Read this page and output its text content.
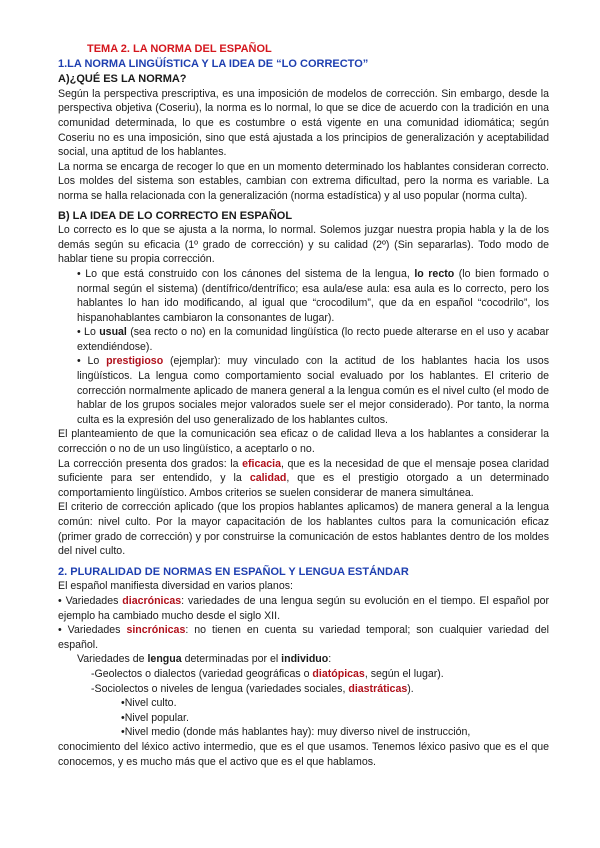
TEMA 2. LA NORMA DEL ESPAÑOL

1.LA NORMA LINGÜÍSTICA Y LA IDEA DE “LO CORRECTO”

A)¿QUÉ ES LA NORMA?

Según la perspectiva prescriptiva, es una imposición de modelos de corrección. Sin embargo, desde la perspectiva objetiva (Coseriu), la norma es lo normal, lo que se dice de acuerdo con la tradición en una comunidad determinada, lo que es costumbre o está vigente en una comunidad idiomática; según Coseriu no es una imposición, sino que está ajustada a los principios de generalización y aceptabilidad social, una aptitud de los hablantes.

La norma se encarga de recoger lo que en un momento determinado los hablantes consideran correcto. Los moldes del sistema son estables, cambian con extrema dificultad, pero la norma es variable. La norma se halla relacionada con la generalización (norma estadística) y al uso popular (norma culta).

B) LA IDEA DE LO CORRECTO EN ESPAÑOL

Lo correcto es lo que se ajusta a la norma, lo normal. Solemos juzgar nuestra propia habla y la de los demás según su eficacia (1º grado de corrección) y su calidad (2º) (Sin separarlas). Todo modo de hablar tiene su propia corrección.

• Lo que está construido con los cánones del sistema de la lengua, lo recto (lo bien formado o normal según el sistema) (dentífrico/dentrífico; esa aula/ese aula: esa aula es lo correcto, pero los hablantes lo han ido modificando, al igual que “crocodilum”, que da en español “cocodrilo”, los hispanohablantes cambiaron la consonantes de lugar).

• Lo usual (sea recto o no) en la comunidad lingüística (lo recto puede alterarse en el uso y acabar extendiéndose).

• Lo prestigioso (ejemplar): muy vinculado con la actitud de los hablantes hacia los usos lingüísticos. La lengua como comportamiento social evaluado por los hablantes. El criterio de corrección normalmente aplicado de manera general a la lengua común es el nivel culto (el modo de hablar de los grupos sociales mejor valorados suele ser el mejor considerado). Por tanto, la norma culta es la expresión del uso generalizado de los hablantes cultos.

El planteamiento de que la comunicación sea eficaz o de calidad lleva a los hablantes a considerar la corrección o no de un uso lingüístico, a aceptarlo o no.

La corrección presenta dos grados: la eficacia, que es la necesidad de que el mensaje posea claridad suficiente para ser entendido, y la calidad, que es el prestigio otorgado a un determinado comportamiento lingüístico. Ambos criterios se suelen considerar de manera simultánea.

El criterio de corrección aplicado (que los propios hablantes aplicamos) de manera general a la lengua común: nivel culto. Por la mayor capacitación de los hablantes cultos para la comunicación eficaz (primer grado de corrección) y por construirse la comunicación de estos hablantes dentro de los moldes del nivel culto.

2. PLURALIDAD DE NORMAS EN ESPAÑOL Y LENGUA ESTÁNDAR

El español manifiesta diversidad en varios planos:

• Variedades diacrónicas: variedades de una lengua según su evolución en el tiempo. El español por ejemplo ha cambiado mucho desde el siglo XII.

• Variedades sincrónicas: no tienen en cuenta su variedad temporal; son cualquier variedad del español.

Variedades de lengua determinadas por el individuo:

-Geolectos o dialectos (variedad geográficas o diatópicas, según el lugar).

-Sociolectos o niveles de lengua (variedades sociales, diastráticas).

•Nivel culto.

•Nivel popular.

•Nivel medio (donde más hablantes hay): muy diverso nivel de instrucción,

conocimiento del léxico activo intermedio, que es el que usamos. Tenemos léxico pasivo que es el que conocemos, y es mucho más que el activo que es el que hablamos.
